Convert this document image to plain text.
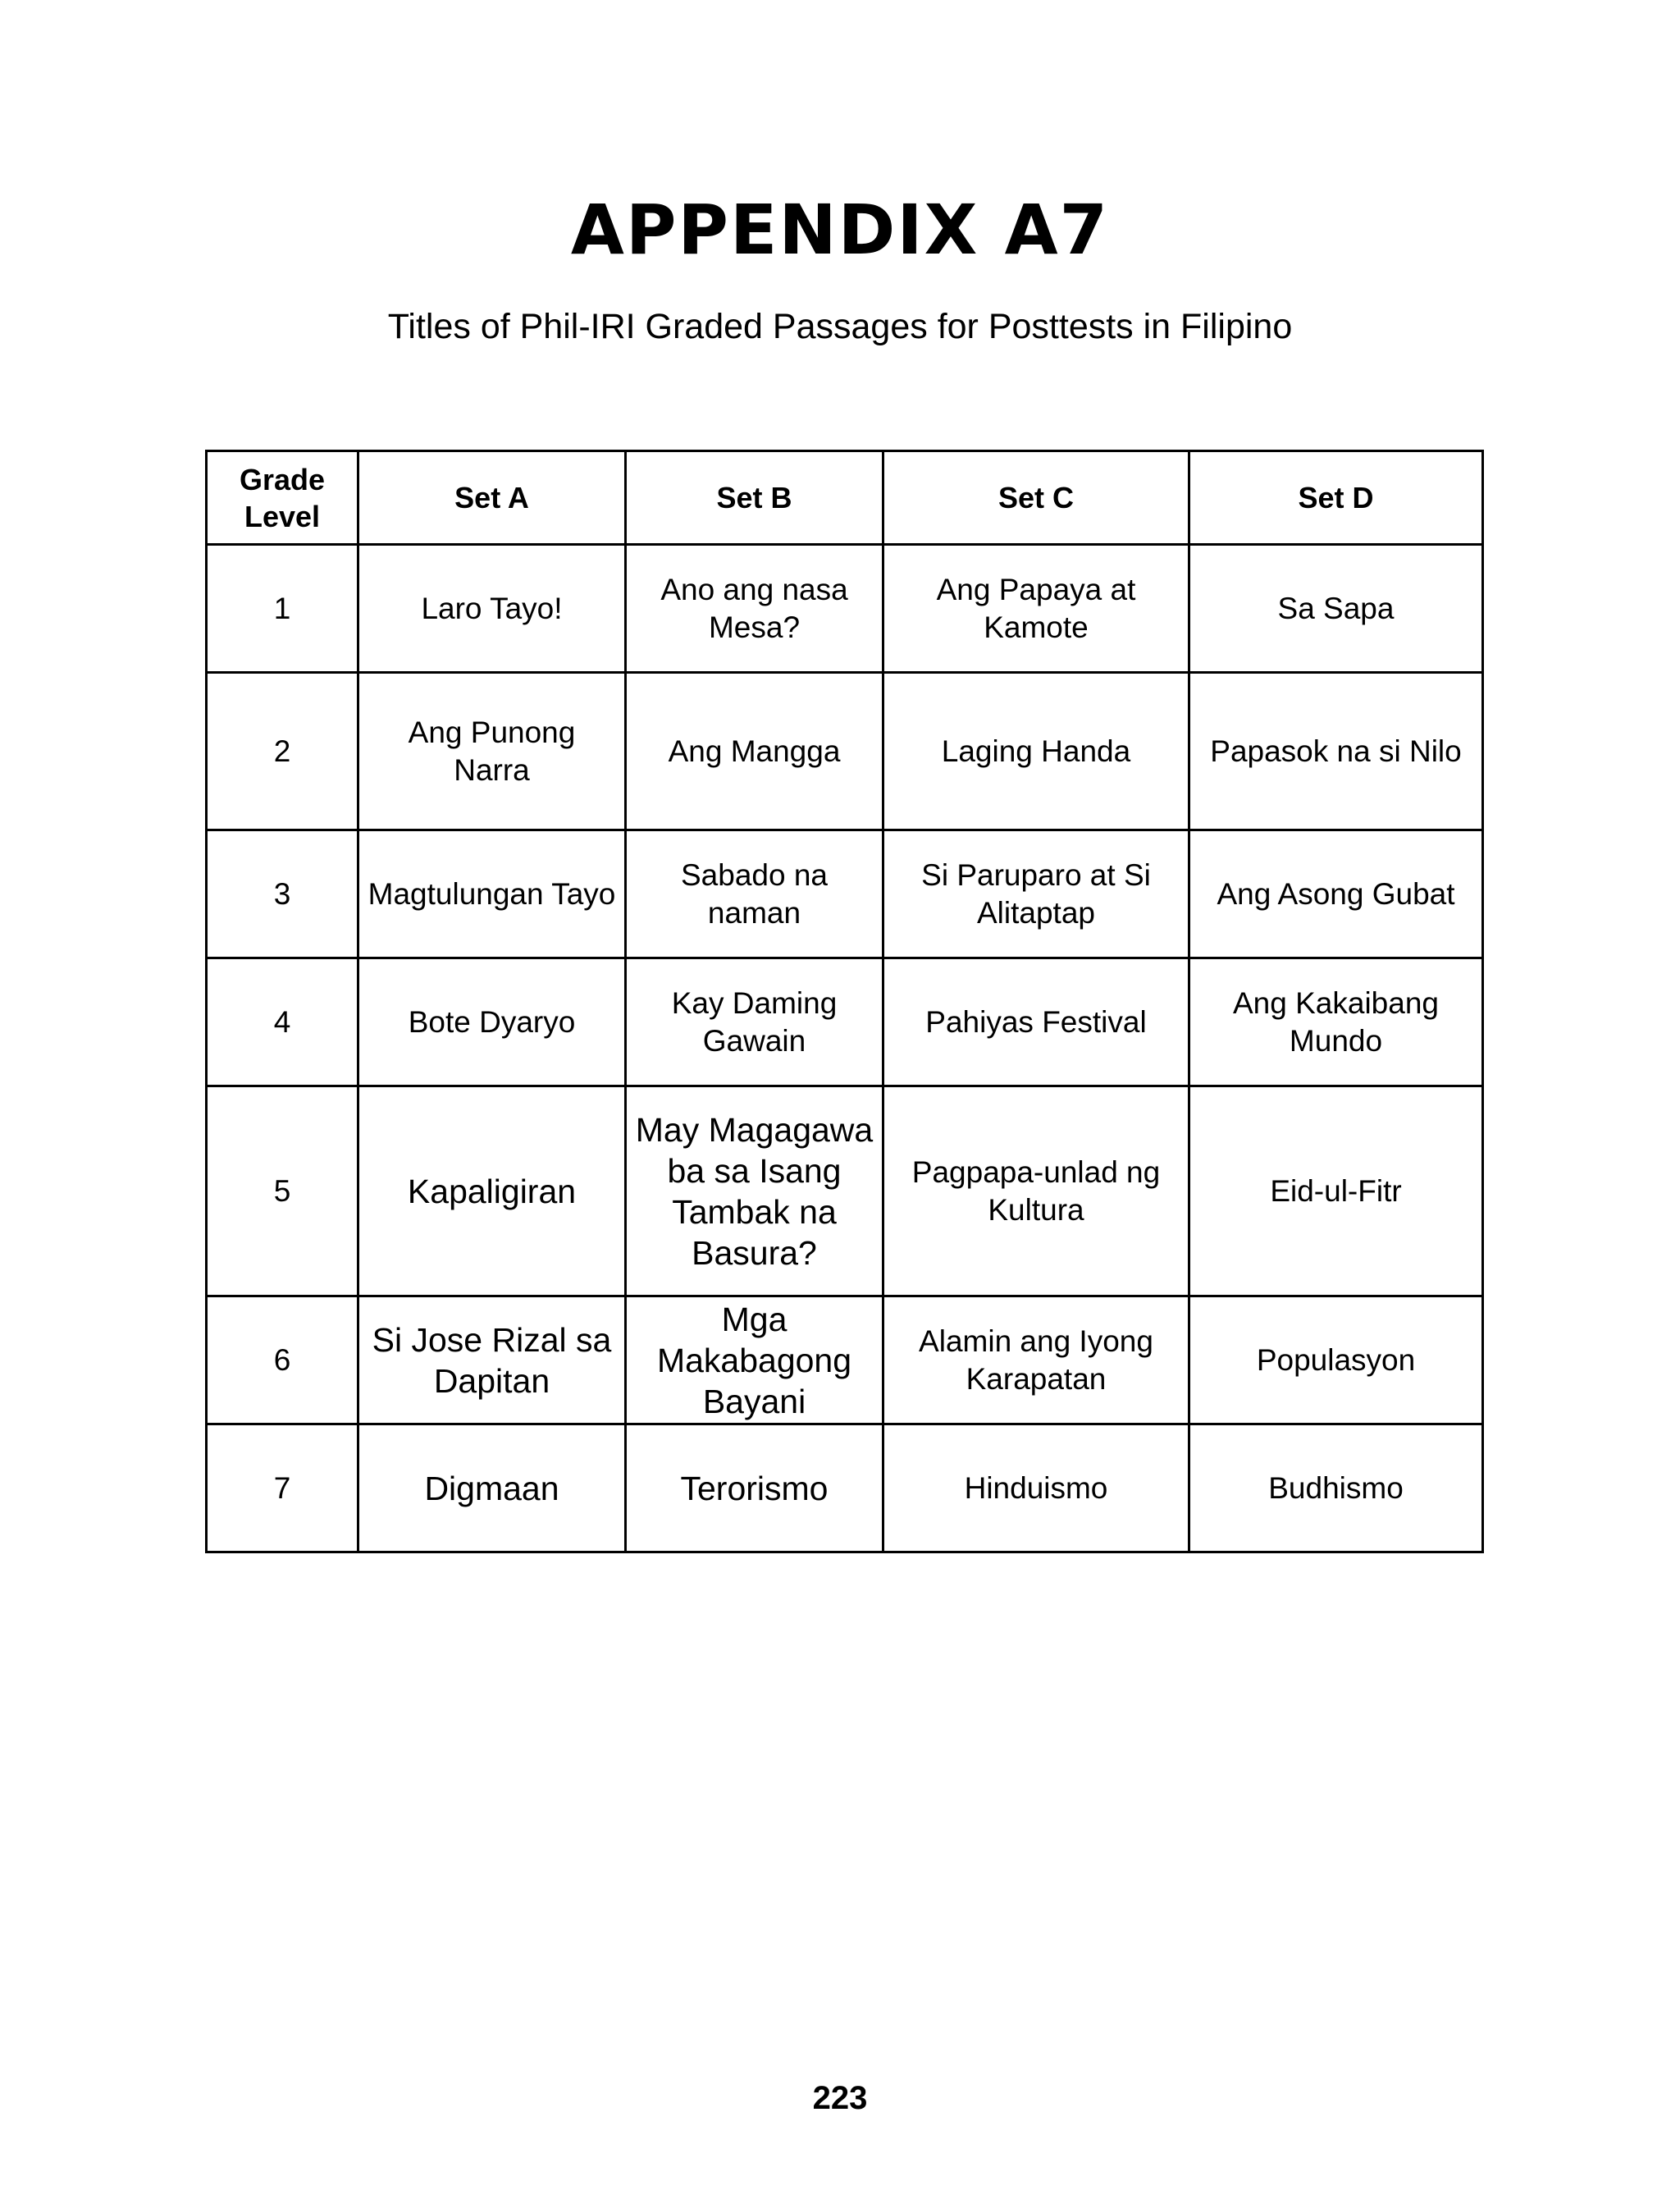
APPENDIX A7
Titles of Phil-IRI Graded Passages for Posttests in Filipino
Grade Level	Set A	Set B	Set C	Set D
1	Laro Tayo!	Ano ang nasa Mesa?	Ang Papaya at Kamote	Sa Sapa
2	Ang Punong Narra	Ang Mangga	Laging Handa	Papasok na si Nilo
3	Magtulungan Tayo	Sabado na naman	Si Paruparo at Si Alitaptap	Ang Asong Gubat
4	Bote Dyaryo	Kay Daming Gawain	Pahiyas Festival	Ang Kakaibang Mundo
5	Kapaligiran	May Magagawa ba sa Isang Tambak na Basura?	Pagpapa-unlad ng Kultura	Eid-ul-Fitr
6	Si Jose Rizal sa Dapitan	Mga Makabagong Bayani	Alamin ang Iyong Karapatan	Populasyon
7	Digmaan	Terorismo	Hinduismo	Budhismo
223
